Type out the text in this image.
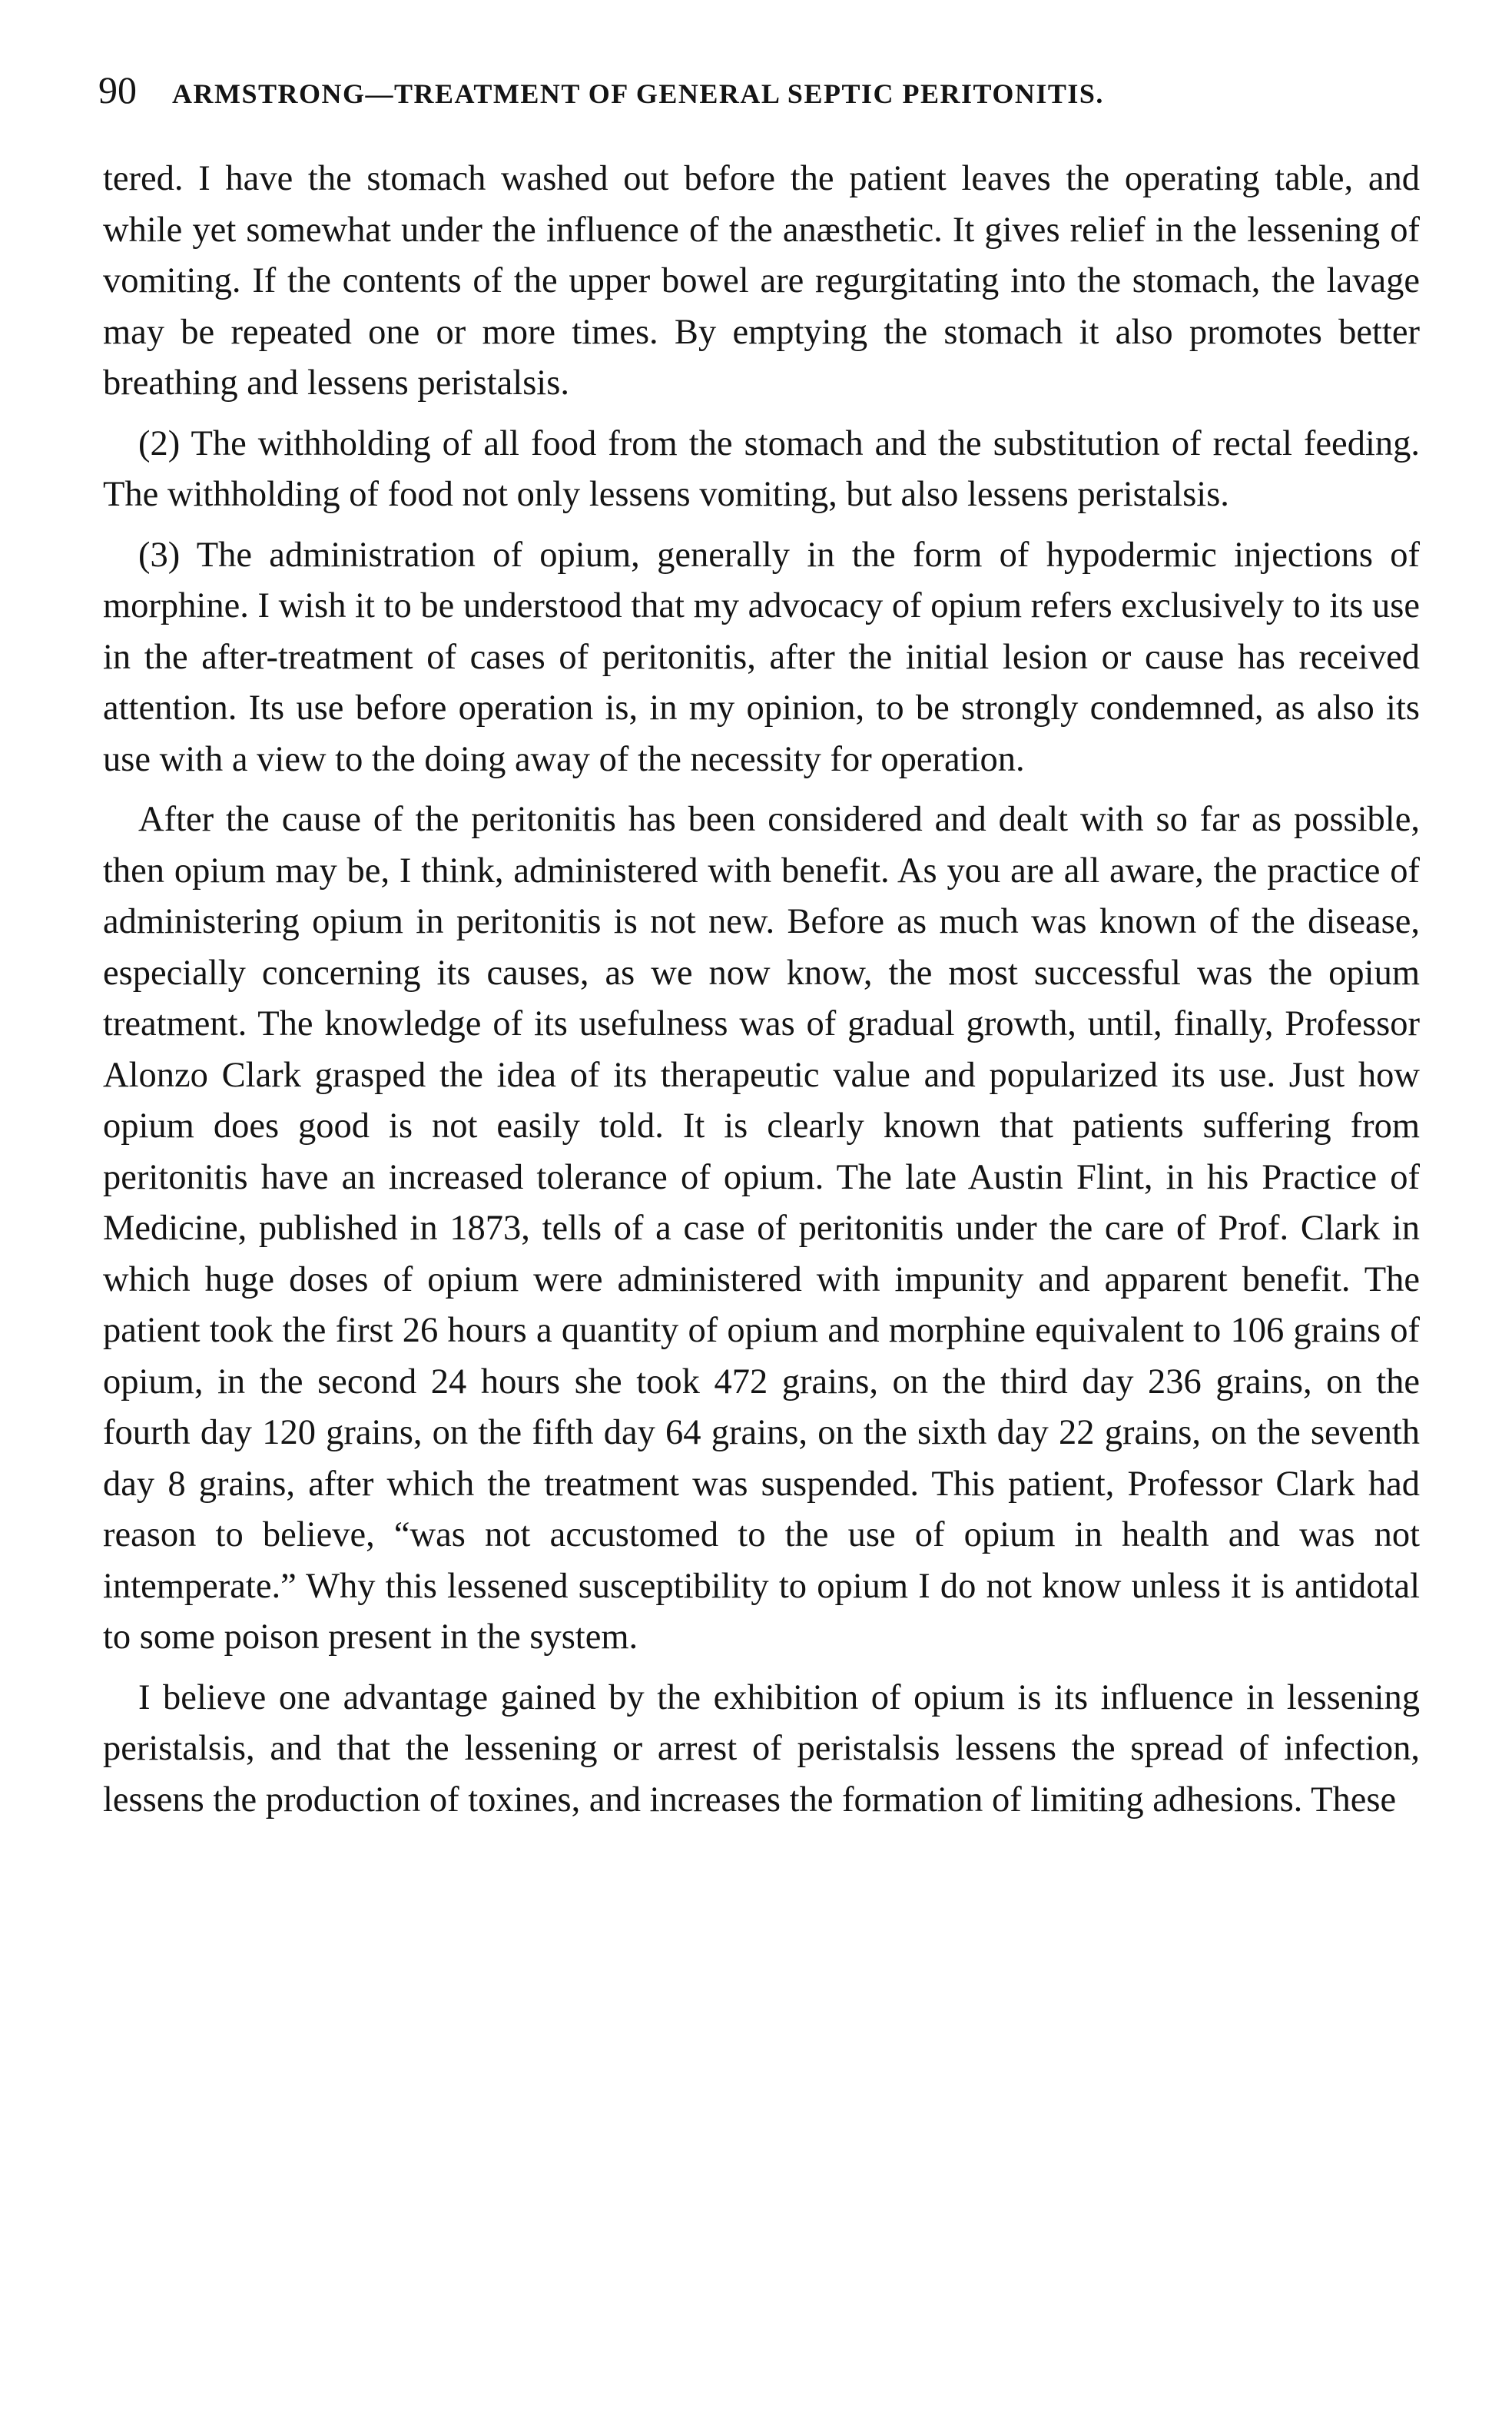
90 ARMSTRONG—TREATMENT OF GENERAL SEPTIC PERITONITIS.

tered. I have the stomach washed out before the patient leaves the operating table, and while yet somewhat under the influence of the anæsthetic. It gives relief in the lessening of vomiting. If the contents of the upper bowel are regurgitating into the stomach, the lavage may be repeated one or more times. By emptying the stomach it also promotes better breathing and lessens peristalsis.

(2) The withholding of all food from the stomach and the substitution of rectal feeding. The withholding of food not only lessens vomiting, but also lessens peristalsis.

(3) The administration of opium, generally in the form of hypodermic injections of morphine. I wish it to be understood that my advocacy of opium refers exclusively to its use in the after-treatment of cases of peritonitis, after the initial lesion or cause has received attention. Its use before operation is, in my opinion, to be strongly condemned, as also its use with a view to the doing away of the necessity for operation.

After the cause of the peritonitis has been considered and dealt with so far as possible, then opium may be, I think, administered with benefit. As you are all aware, the practice of administering opium in peritonitis is not new. Before as much was known of the disease, especially concerning its causes, as we now know, the most successful was the opium treatment. The knowledge of its usefulness was of gradual growth, until, finally, Professor Alonzo Clark grasped the idea of its therapeutic value and popularized its use. Just how opium does good is not easily told. It is clearly known that patients suffering from peritonitis have an increased tolerance of opium. The late Austin Flint, in his Practice of Medicine, published in 1873, tells of a case of peritonitis under the care of Prof. Clark in which huge doses of opium were administered with impunity and apparent benefit. The patient took the first 26 hours a quantity of opium and morphine equivalent to 106 grains of opium, in the second 24 hours she took 472 grains, on the third day 236 grains, on the fourth day 120 grains, on the fifth day 64 grains, on the sixth day 22 grains, on the seventh day 8 grains, after which the treatment was suspended. This patient, Professor Clark had reason to believe, “was not accustomed to the use of opium in health and was not intemperate.” Why this lessened susceptibility to opium I do not know unless it is antidotal to some poison present in the system.

I believe one advantage gained by the exhibition of opium is its influence in lessening peristalsis, and that the lessening or arrest of peristalsis lessens the spread of infection, lessens the production of toxines, and increases the formation of limiting adhesions. These
